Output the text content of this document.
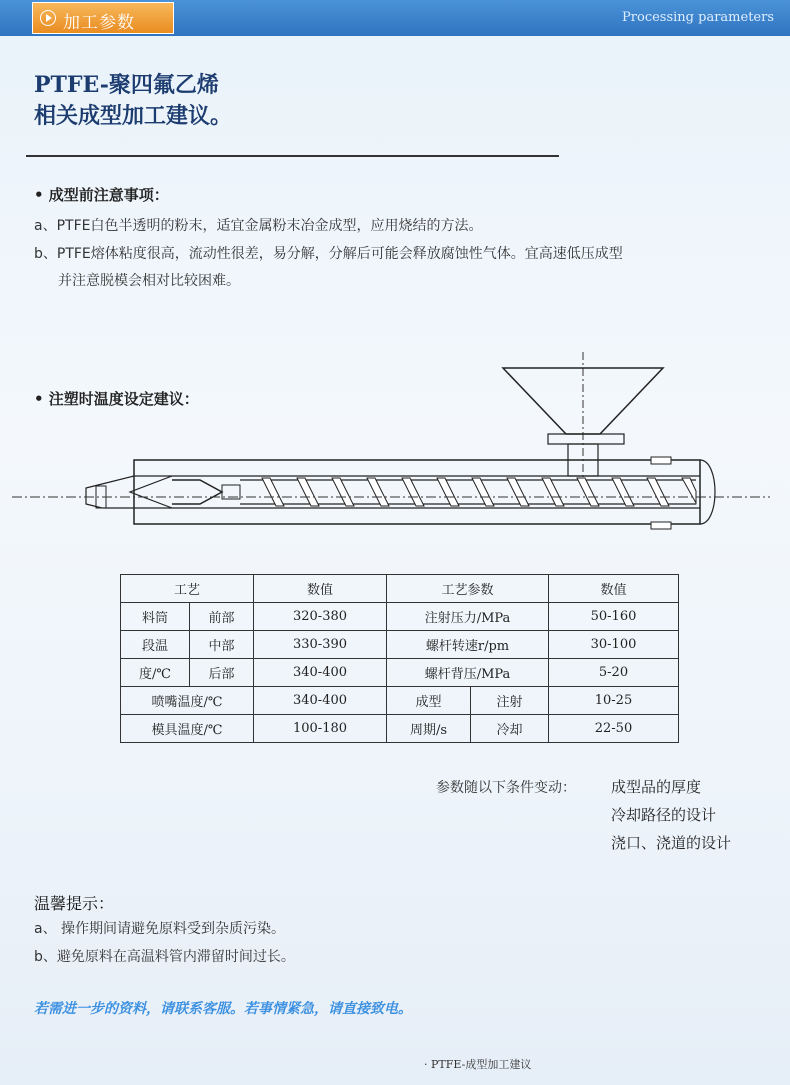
加工参数	Processing parameters
PTFE-聚四氟乙烯
相关成型加工建议。
• 成型前注意事项：
a、PTFE白色半透明的粉末，适宜金属粉末冶金成型，应用烧结的方法。
b、PTFE熔体粘度很高，流动性很差，易分解，分解后可能会释放腐蚀性气体。宜高速低压成型
并注意脱模会相对比较困难。
• 注塑时温度设定建议：
工艺		数值	工艺参数		数值
料筒	前部	320-380	注射压力/MPa		50-160
段温	中部	330-390	螺杆转速r/pm		30-100
度/℃	后部	340-400	螺杆背压/MPa		5-20
喷嘴温度/℃		340-400	成型	注射	10-25
模具温度/℃		100-180	周期/s	冷却	22-50
参数随以下条件变动： 成型品的厚度
冷却路径的设计
浇口、浇道的设计
温馨提示：
a、 操作期间请避免原料受到杂质污染。
b、避免原料在高温料管内滞留时间过长。
若需进一步的资料，请联系客服。若事情紧急，请直接致电。
· PTFE-成型加工建议
